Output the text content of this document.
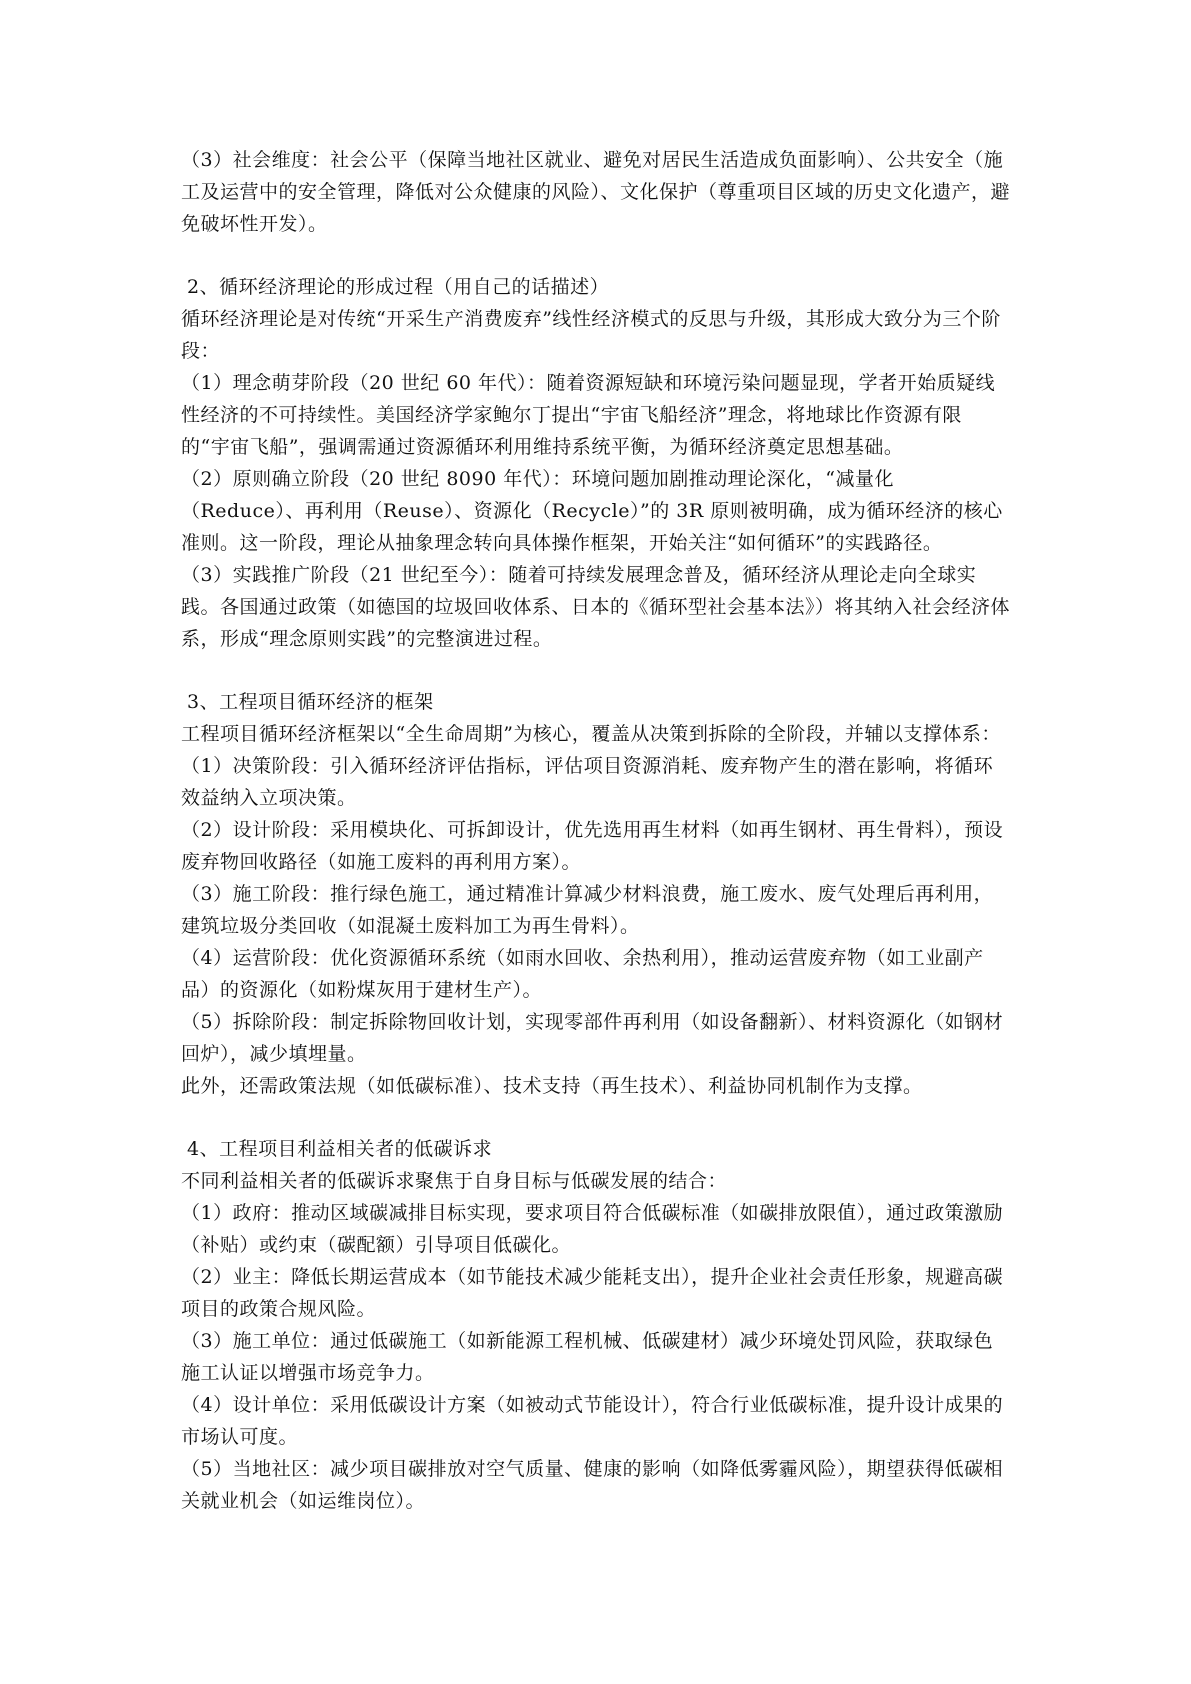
（3）社会维度：社会公平（保障当地社区就业、避免对居民生活造成负面影响）、公共安全（施工及运营中的安全管理，降低对公众健康的风险）、文化保护（尊重项目区域的历史文化遗产，避免破坏性开发）。

2、循环经济理论的形成过程（用自己的话描述）

循环经济理论是对传统“开采生产消费废弃”线性经济模式的反思与升级，其形成大致分为三个阶段：

（1）理念萌芽阶段（20 世纪 60 年代）：随着资源短缺和环境污染问题显现，学者开始质疑线性经济的不可持续性。美国经济学家鲍尔丁提出“宇宙飞船经济”理念，将地球比作资源有限的“宇宙飞船”，强调需通过资源循环利用维持系统平衡，为循环经济奠定思想基础。

（2）原则确立阶段（20 世纪 8090 年代）：环境问题加剧推动理论深化，“减量化（Reduce）、再利用（Reuse）、资源化（Recycle）”的 3R 原则被明确，成为循环经济的核心准则。这一阶段，理论从抽象理念转向具体操作框架，开始关注“如何循环”的实践路径。

（3）实践推广阶段（21 世纪至今）：随着可持续发展理念普及，循环经济从理论走向全球实践。各国通过政策（如德国的垃圾回收体系、日本的《循环型社会基本法》）将其纳入社会经济体系，形成“理念原则实践”的完整演进过程。

3、工程项目循环经济的框架

工程项目循环经济框架以“全生命周期”为核心，覆盖从决策到拆除的全阶段，并辅以支撑体系：

（1）决策阶段：引入循环经济评估指标，评估项目资源消耗、废弃物产生的潜在影响，将循环效益纳入立项决策。

（2）设计阶段：采用模块化、可拆卸设计，优先选用再生材料（如再生钢材、再生骨料），预设废弃物回收路径（如施工废料的再利用方案）。

（3）施工阶段：推行绿色施工，通过精准计算减少材料浪费，施工废水、废气处理后再利用，建筑垃圾分类回收（如混凝土废料加工为再生骨料）。

（4）运营阶段：优化资源循环系统（如雨水回收、余热利用），推动运营废弃物（如工业副产品）的资源化（如粉煤灰用于建材生产）。

（5）拆除阶段：制定拆除物回收计划，实现零部件再利用（如设备翻新）、材料资源化（如钢材回炉），减少填埋量。

此外，还需政策法规（如低碳标准）、技术支持（再生技术）、利益协同机制作为支撑。

4、工程项目利益相关者的低碳诉求

不同利益相关者的低碳诉求聚焦于自身目标与低碳发展的结合：

（1）政府：推动区域碳减排目标实现，要求项目符合低碳标准（如碳排放限值），通过政策激励（补贴）或约束（碳配额）引导项目低碳化。

（2）业主：降低长期运营成本（如节能技术减少能耗支出），提升企业社会责任形象，规避高碳项目的政策合规风险。

（3）施工单位：通过低碳施工（如新能源工程机械、低碳建材）减少环境处罚风险，获取绿色施工认证以增强市场竞争力。

（4）设计单位：采用低碳设计方案（如被动式节能设计），符合行业低碳标准，提升设计成果的市场认可度。

（5）当地社区：减少项目碳排放对空气质量、健康的影响（如降低雾霾风险），期望获得低碳相关就业机会（如运维岗位）。
